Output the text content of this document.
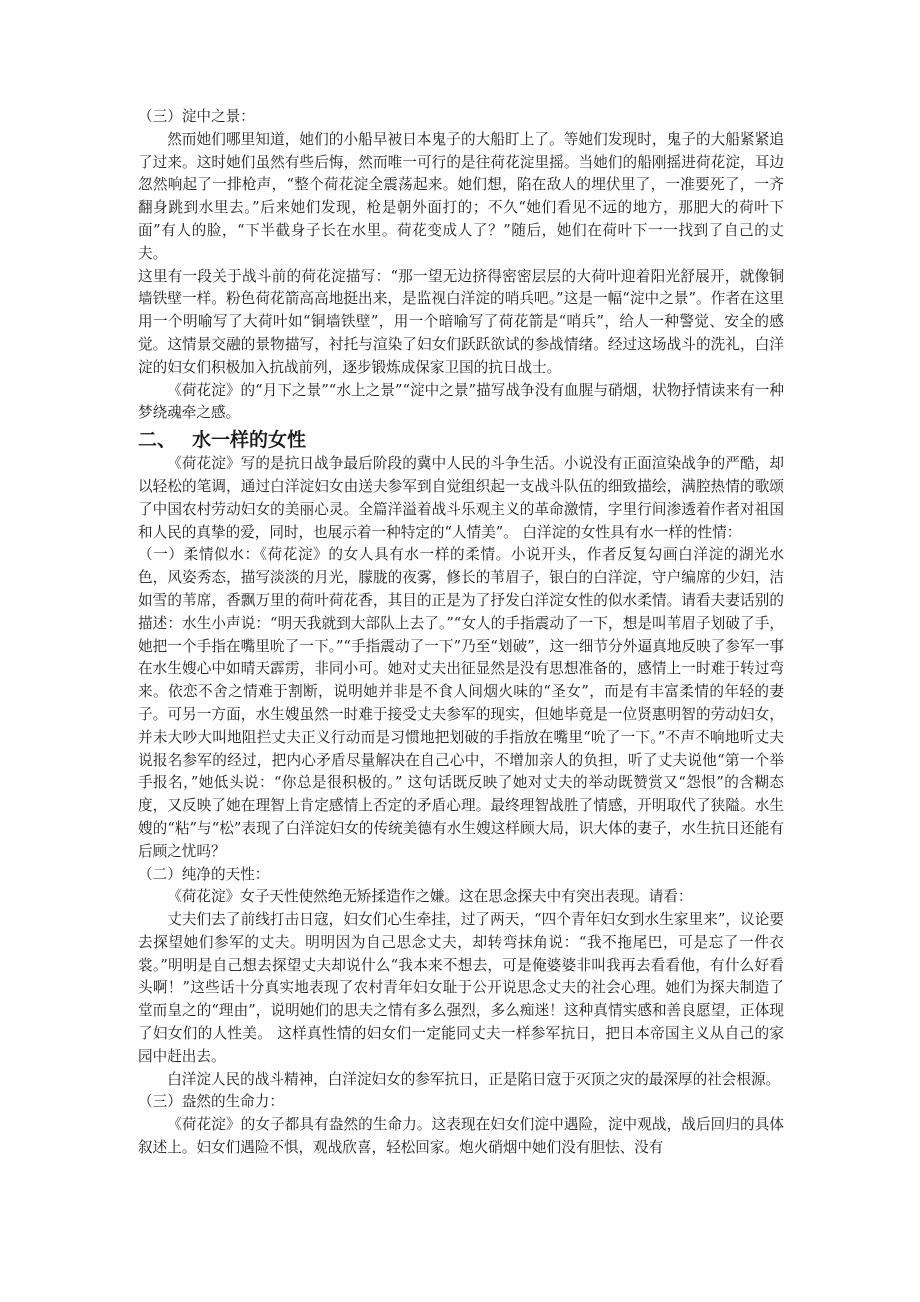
（三）淀中之景：

然而她们哪里知道，她们的小船早被日本鬼子的大船盯上了。等她们发现时，鬼子的大船紧紧追了过来。这时她们虽然有些后悔，然而唯一可行的是往荷花淀里摇。当她们的船刚摇进荷花淀，耳边忽然响起了一排枪声，“整个荷花淀全震荡起来。她们想，陷在敌人的埋伏里了，一准要死了，一齐翻身跳到水里去。”后来她们发现，枪是朝外面打的；不久“她们看见不远的地方，那肥大的荷叶下面”有人的脸，“下半截身子长在水里。荷花变成人了？”随后，她们在荷叶下一一找到了自己的丈夫。

这里有一段关于战斗前的荷花淀描写：“那一望无边挤得密密层层的大荷叶迎着阳光舒展开，就像铜墙铁壁一样。粉色荷花箭高高地挺出来，是监视白洋淀的哨兵吧。”这是一幅“淀中之景”。作者在这里用一个明喻写了大荷叶如“铜墙铁壁”，用一个暗喻写了荷花箭是“哨兵”，给人一种警觉、安全的感觉。这情景交融的景物描写，衬托与渲染了妇女们跃跃欲试的参战情绪。经过这场战斗的洗礼，白洋淀的妇女们积极加入抗战前列，逐步锻炼成保家卫国的抗日战士。

《荷花淀》的“月下之景”“水上之景”“淀中之景”描写战争没有血腥与硝烟，状物抒情读来有一种梦绕魂牵之感。

二、 水一样的女性

《荷花淀》写的是抗日战争最后阶段的冀中人民的斗争生活。小说没有正面渲染战争的严酷，却以轻松的笔调，通过白洋淀妇女由送夫参军到自觉组织起一支战斗队伍的细致描绘，满腔热情的歌颂了中国农村劳动妇女的美丽心灵。全篇洋溢着战斗乐观主义的革命激情，字里行间渗透着作者对祖国和人民的真挚的爱，同时，也展示着一种特定的“人情美”。 白洋淀的女性具有水一样的性情：

（一）柔情似水：《荷花淀》的女人具有水一样的柔情。小说开头，作者反复勾画白洋淀的湖光水色，风姿秀态，描写淡淡的月光，朦胧的夜雾，修长的苇眉子，银白的白洋淀，守户编席的少妇，洁如雪的苇席，香飘万里的荷叶荷花香，其目的正是为了抒发白洋淀女性的似水柔情。请看夫妻话别的描述：水生小声说：“明天我就到大部队上去了。”“女人的手指震动了一下，想是叫苇眉子划破了手，她把一个手指在嘴里吮了一下。”“手指震动了一下”乃至“划破”，这一细节分外逼真地反映了参军一事在水生嫂心中如晴天霹雳，非同小可。她对丈夫出征显然是没有思想准备的，感情上一时难于转过弯来。依恋不舍之情难于割断，说明她并非是不食人间烟火味的“圣女”，而是有丰富柔情的年轻的妻子。可另一方面，水生嫂虽然一时难于接受丈夫参军的现实，但她毕竟是一位贤惠明智的劳动妇女，并未大吵大叫地阻拦丈夫正义行动而是习惯地把划破的手指放在嘴里“吮了一下。”不声不响地听丈夫说报名参军的经过，把内心矛盾尽量解决在自己心中，不增加亲人的负担，听了丈夫说他“第一个举手报名，”她低头说：“你总是很积极的。” 这句话既反映了她对丈夫的举动既赞赏又“怨恨”的含糊态度，又反映了她在理智上肯定感情上否定的矛盾心理。最终理智战胜了情感，开明取代了狭隘。水生嫂的“粘”与“松”表现了白洋淀妇女的传统美德有水生嫂这样顾大局，识大体的妻子，水生抗日还能有后顾之忧吗？

（二）纯净的天性：

《荷花淀》女子天性使然绝无矫揉造作之嫌。这在思念探夫中有突出表现。请看：

丈夫们去了前线打击日寇，妇女们心生牵挂，过了两天，“四个青年妇女到水生家里来”，议论要去探望她们参军的丈夫。明明因为自己思念丈夫，却转弯抹角说：“我不拖尾巴，可是忘了一件衣裳。”明明是自己想去探望丈夫却说什么“我本来不想去，可是俺婆婆非叫我再去看看他，有什么好看头啊！”这些话十分真实地表现了农村青年妇女耻于公开说思念丈夫的社会心理。她们为探夫制造了堂而皇之的“理由”，说明她们的思夫之情有多么强烈，多么痴迷！这种真情实感和善良愿望，正体现了妇女们的人性美。 这样真性情的妇女们一定能同丈夫一样参军抗日，把日本帝国主义从自己的家园中赶出去。

白洋淀人民的战斗精神，白洋淀妇女的参军抗日，正是陷日寇于灭顶之灾的最深厚的社会根源。

（三）盎然的生命力：

《荷花淀》的女子都具有盎然的生命力。这表现在妇女们淀中遇险，淀中观战，战后回归的具体叙述上。妇女们遇险不惧，观战欣喜，轻松回家。炮火硝烟中她们没有胆怯、没有
